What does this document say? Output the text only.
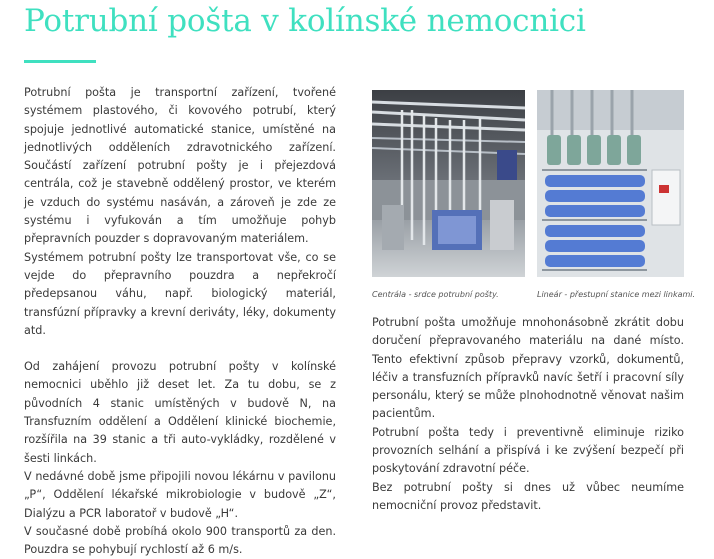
Potrubní pošta v kolínské nemocnici

Potrubní pošta je transportní zařízení, tvořené systémem plastového, či kovového potrubí, který spojuje jednotlivé automatické stanice, umístěné na jednotlivých odděleních zdravotnického zařízení. Součástí zařízení potrubní pošty je i přejezdová centrála, což je stavebně oddělený prostor, ve kterém je vzduch do systému nasáván, a zároveň je zde ze systému i vyfukován a tím umožňuje pohyb přepravních pouzder s dopravovaným materiálem.

Systémem potrubní pošty lze transportovat vše, co se vejde do přepravního pouzdra a nepřekročí předepsanou váhu, např. biologický materiál, transfúzní přípravky a krevní deriváty, léky, dokumenty atd.

Od zahájení provozu potrubní pošty v kolínské nemocnici uběhlo již deset let. Za tu dobu, se z původních 4 stanic umístěných v budově N, na Transfuzním oddělení a Oddělení klinické biochemie, rozšířila na 39 stanic a tři auto-vykládky, rozdělené v šesti linkách.

V nedávné době jsme připojili novou lékárnu v pavilonu „P“, Oddělení lékařské mikrobiologie v budově „Z“, Dialýzu a PCR laboratoř v budově „H“.

V současné době probíhá okolo 900 transportů za den. Pouzdra se pohybují rychlostí až 6 m/s.

Centrála - srdce potrubní pošty.	Lineár - přestupní stanice mezi linkami.

Potrubní pošta umožňuje mnohonásobně zkrátit dobu doručení přepravovaného materiálu na dané místo. Tento efektivní způsob přepravy vzorků, dokumentů, léčiv a transfuzních přípravků navíc šetří i pracovní síly personálu, který se může plnohodnotně věnovat našim pacientům.

Potrubní pošta tedy i preventivně eliminuje riziko provozních selhání a přispívá i ke zvýšení bezpečí při poskytování zdravotní péče.

Bez potrubní pošty si dnes už vůbec neumíme nemocniční provoz představit.
